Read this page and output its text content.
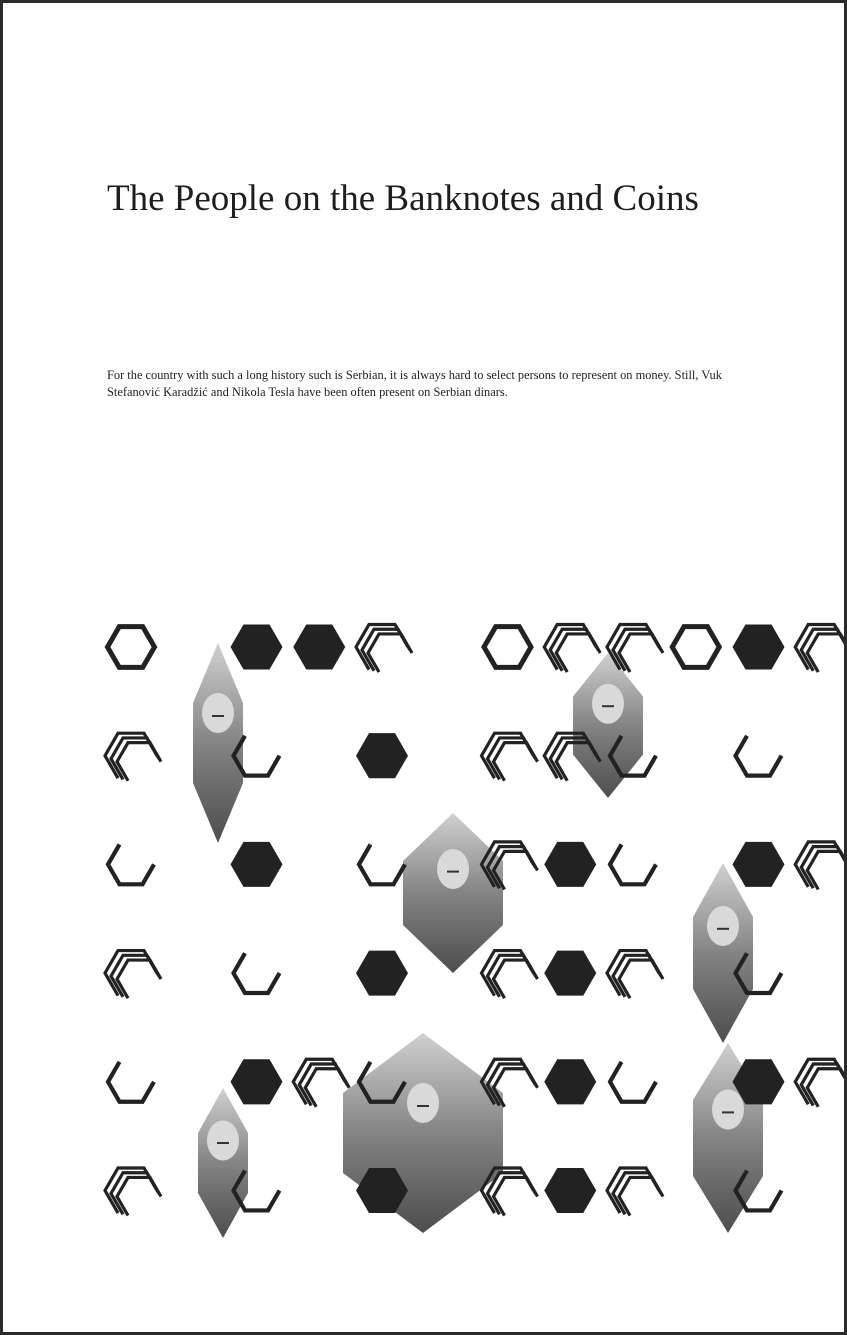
The People on the Banknotes and Coins

For the country with such a long history such is Serbian, it is always hard to select persons to represent on money. Still, Vuk Stefanović Karadžić and Nikola Tesla have been often present on Serbian dinars.
